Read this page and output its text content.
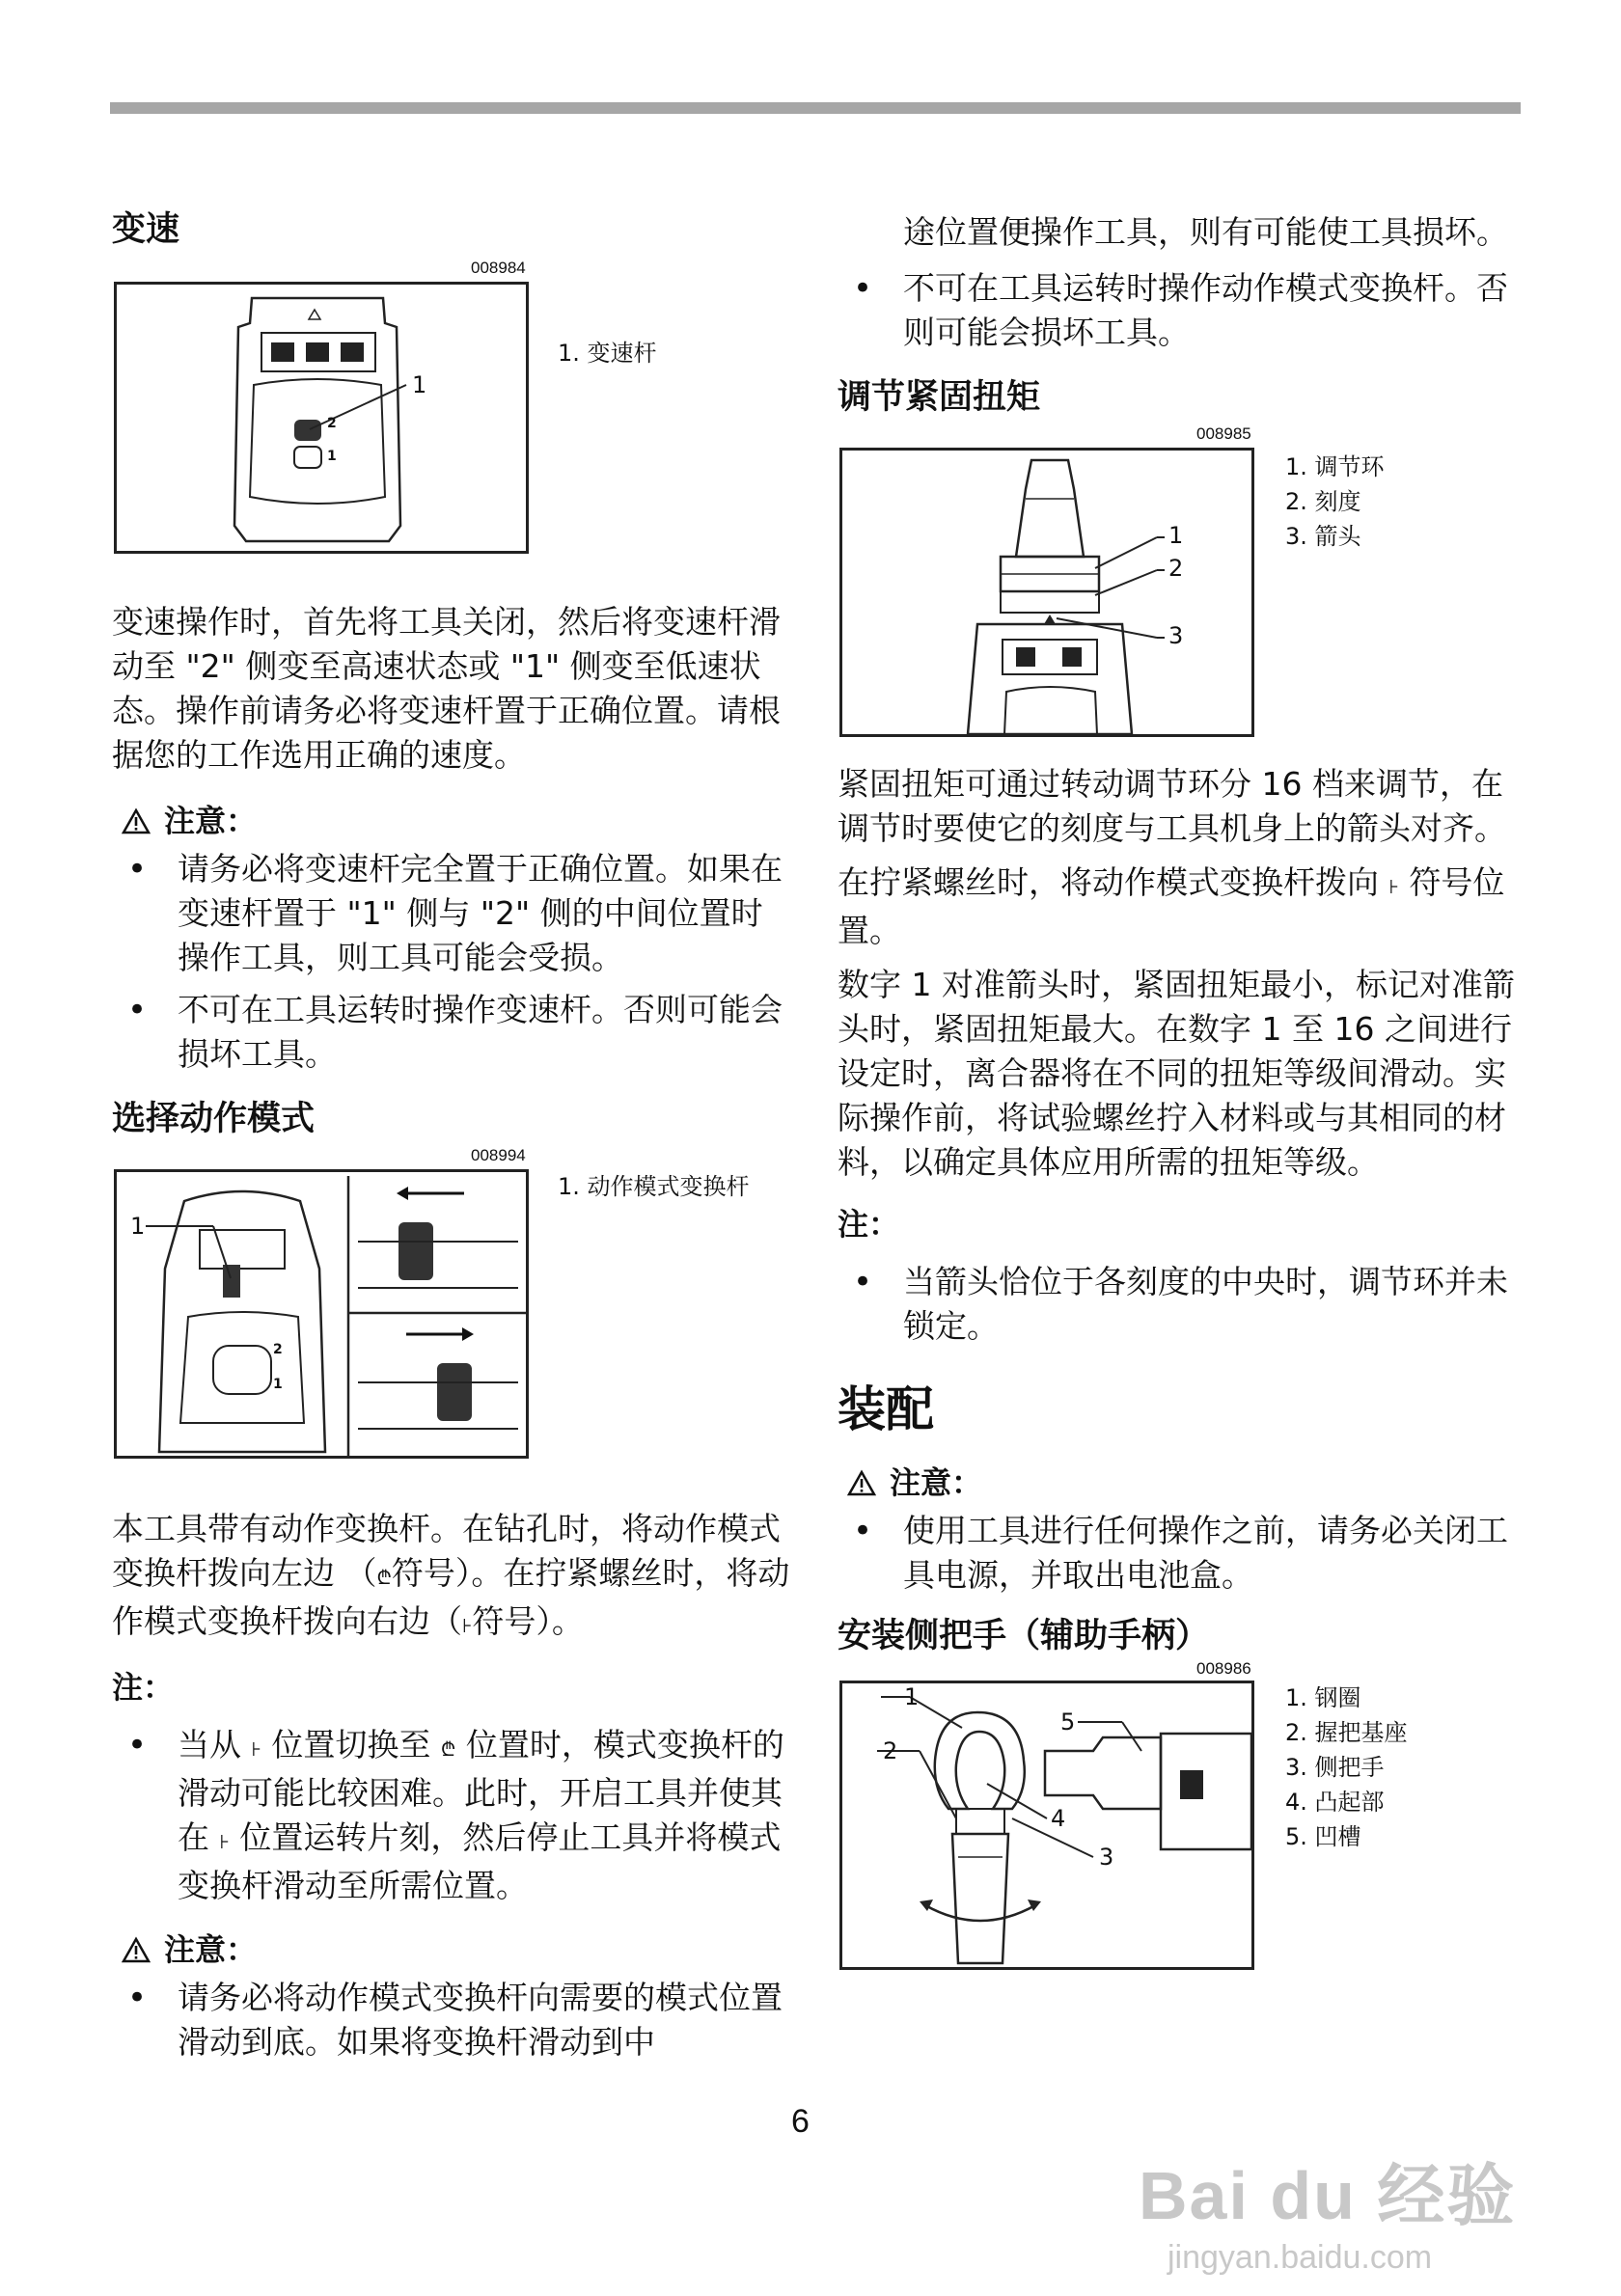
变速
008984
1
2
1
1. 变速杆
变速操作时，首先将工具关闭，然后将变速杆滑动至 "2" 侧变至高速状态或 "1" 侧变至低速状态。操作前请务必将变速杆置于正确位置。请根据您的工作选用正确的速度。
注意：
• 请务必将变速杆完全置于正确位置。如果在变速杆置于 "1" 侧与 "2" 侧的中间位置时操作工具，则工具可能会受损。
• 不可在工具运转时操作变速杆。否则可能会损坏工具。
选择动作模式
008994
1
2
1
1. 动作模式变换杆
本工具带有动作变换杆。在钻孔时，将动作模式变换杆拨向左边 （₾符号）。在拧紧螺丝时，将动作模式变换杆拨向右边（⊦符号）。
注：
• 当从 ⊦ 位置切换至 ₾ 位置时，模式变换杆的滑动可能比较困难。此时，开启工具并使其在 ⊦ 位置运转片刻，然后停止工具并将模式变换杆滑动至所需位置。
注意：
• 请务必将动作模式变换杆向需要的模式位置滑动到底。如果将变换杆滑动到中
途位置便操作工具，则有可能使工具损坏。
• 不可在工具运转时操作动作模式变换杆。否则可能会损坏工具。
调节紧固扭矩
008985
1
2
3
1. 调节环
2. 刻度
3. 箭头
紧固扭矩可通过转动调节环分 16 档来调节，在调节时要使它的刻度与工具机身上的箭头对齐。
在拧紧螺丝时，将动作模式变换杆拨向 ⊦ 符号位置。
数字 1 对准箭头时，紧固扭矩最小，标记对准箭头时，紧固扭矩最大。在数字 1 至 16 之间进行设定时，离合器将在不同的扭矩等级间滑动。实际操作前，将试验螺丝拧入材料或与其相同的材料，以确定具体应用所需的扭矩等级。
注：
• 当箭头恰位于各刻度的中央时，调节环并未锁定。
装配
注意：
• 使用工具进行任何操作之前，请务必关闭工具电源，并取出电池盒。
安装侧把手（辅助手柄）
008986
1
2
3
4
5
1. 钢圈
2. 握把基座
3. 侧把手
4. 凸起部
5. 凹槽
6
Bai du 经验
jingyan.baidu.com
